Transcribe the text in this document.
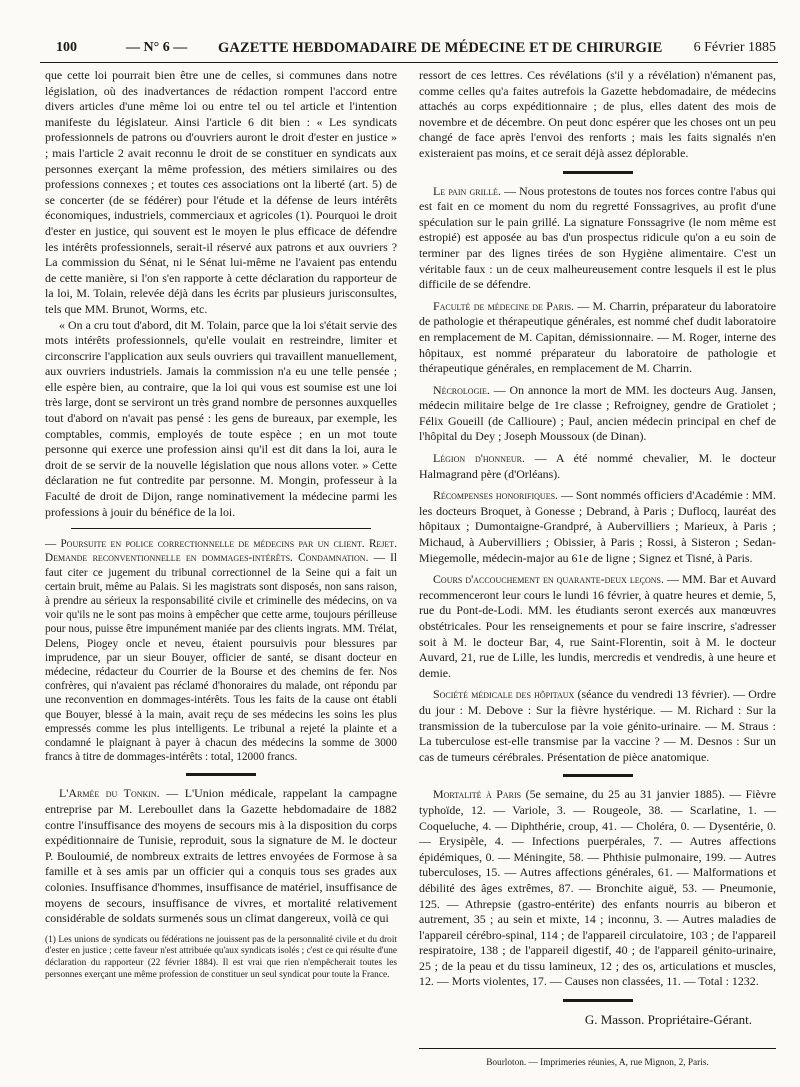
100	— N° 6 — GAZETTE HEBDOMADAIRE DE MÉDECINE ET DE CHIRURGIE 6 Février 1885

que cette loi pourrait bien être une de celles, si communes dans notre législation, où des inadvertances de rédaction rompent l'accord entre divers articles d'une même loi ou entre tel ou tel article et l'intention manifeste du législateur. Ainsi l'article 6 dit bien : « Les syndicats professionnels de patrons ou d'ouvriers auront le droit d'ester en justice » ; mais l'article 2 avait reconnu le droit de se constituer en syndicats aux personnes exerçant la même profession, des métiers similaires ou des professions connexes ; et toutes ces associations ont la liberté (art. 5) de se concerter (de se fédérer) pour l'étude et la défense de leurs intérêts économiques, industriels, commerciaux et agricoles (1). Pourquoi le droit d'ester en justice, qui souvent est le moyen le plus efficace de défendre les intérêts professionnels, serait-il réservé aux patrons et aux ouvriers ? La commission du Sénat, ni le Sénat lui-même ne l'avaient pas entendu de cette manière, si l'on s'en rapporte à cette déclaration du rapporteur de la loi, M. Tolain, relevée déjà dans les écrits par plusieurs jurisconsultes, tels que MM. Brunot, Worms, etc.

« On a cru tout d'abord, dit M. Tolain, parce que la loi s'était servie des mots intérêts professionnels, qu'elle voulait en restreindre, limiter et circonscrire l'application aux seuls ouvriers qui travaillent manuellement, aux ouvriers industriels. Jamais la commission n'a eu une telle pensée ; elle espère bien, au contraire, que la loi qui vous est soumise est une loi très large, dont se serviront un très grand nombre de personnes auxquelles tout d'abord on n'avait pas pensé : les gens de bureaux, par exemple, les comptables, commis, employés de toute espèce ; en un mot toute personne qui exerce une profession ainsi qu'il est dit dans la loi, aura le droit de se servir de la nouvelle législation que nous allons voter. » Cette déclaration ne fut contredite par personne. M. Mongin, professeur à la Faculté de droit de Dijon, range nominativement la médecine parmi les professions à jouir du bénéfice de la loi.

— Poursuite en police correctionnelle de médecins par un client. Rejet. Demande reconventionnelle en dommages-intérêts. Condamnation. — Il faut citer ce jugement du tribunal correctionnel de la Seine qui a fait un certain bruit, même au Palais. Si les magistrats sont disposés, non sans raison, à prendre au sérieux la responsabilité civile et criminelle des médecins, on va voir qu'ils ne le sont pas moins à empêcher que cette arme, toujours périlleuse pour nous, puisse être impunément maniée par des clients ingrats. MM. Trélat, Delens, Piogey oncle et neveu, étaient poursuivis pour blessures par imprudence, par un sieur Bouyer, officier de santé, se disant docteur en médecine, rédacteur du Courrier de la Bourse et des chemins de fer. Nos confrères, qui n'avaient pas réclamé d'honoraires du malade, ont répondu par une reconvention en dommages-intérêts. Tous les faits de la cause ont établi que Bouyer, blessé à la main, avait reçu de ses médecins les soins les plus empressés comme les plus intelligents. Le tribunal a rejeté la plainte et a condamné le plaignant à payer à chacun des médecins la somme de 3000 francs à titre de dommages-intérêts : total, 12000 francs.

L'Armée du Tonkin. — L'Union médicale, rappelant la campagne entreprise par M. Lereboullet dans la Gazette hebdomadaire de 1882 contre l'insuffisance des moyens de secours mis à la disposition du corps expéditionnaire de Tunisie, reproduit, sous la signature de M. le docteur P. Bouloumié, de nombreux extraits de lettres envoyées de Formose à sa famille et à ses amis par un officier qui a conquis tous ses grades aux colonies. Insuffisance d'hommes, insuffisance de matériel, insuffisance de moyens de secours, insuffisance de vivres, et mortalité relativement considérable de soldats surmenés sous un climat dangereux, voilà ce qui

(1) Les unions de syndicats ou fédérations ne jouissent pas de la personnalité civile et du droit d'ester en justice ; cette faveur n'est attribuée qu'aux syndicats isolés ; c'est ce qui résulte d'une déclaration du rapporteur (22 février 1884). Il est vrai que rien n'empêcherait toutes les personnes exerçant une même profession de constituer un seul syndicat pour toute la France.

ressort de ces lettres. Ces révélations (s'il y a révélation) n'émanent pas, comme celles qu'a faites autrefois la Gazette hebdomadaire, de médecins attachés au corps expéditionnaire ; de plus, elles datent des mois de novembre et de décembre. On peut donc espérer que les choses ont un peu changé de face après l'envoi des renforts ; mais les faits signalés n'en existeraient pas moins, et ce serait déjà assez déplorable.

Le pain grillé. — Nous protestons de toutes nos forces contre l'abus qui est fait en ce moment du nom du regretté Fonssagrives, au profit d'une spéculation sur le pain grillé. La signature Fonssagrive (le nom même est estropié) est apposée au bas d'un prospectus ridicule qu'on a eu soin de terminer par des lignes tirées de son Hygiène alimentaire. C'est un véritable faux : un de ceux malheureusement contre lesquels il est le plus difficile de se défendre.

Faculté de médecine de Paris. — M. Charrin, préparateur du laboratoire de pathologie et thérapeutique générales, est nommé chef dudit laboratoire en remplacement de M. Capitan, démissionnaire. — M. Roger, interne des hôpitaux, est nommé préparateur du laboratoire de pathologie et thérapeutique générales, en remplacement de M. Charrin.

Nécrologie. — On annonce la mort de MM. les docteurs Aug. Jansen, médecin militaire belge de 1re classe ; Refroigney, gendre de Gratiolet ; Félix Goueill (de Callioure) ; Paul, ancien médecin principal en chef de l'hôpital du Dey ; Joseph Moussoux (de Dinan).

Légion d'honneur. — A été nommé chevalier, M. le docteur Halmagrand père (d'Orléans).

Récompenses honorifiques. — Sont nommés officiers d'Académie : MM. les docteurs Broquet, à Gonesse ; Debrand, à Paris ; Duflocq, lauréat des hôpitaux ; Dumontaigne-Grandpré, à Aubervilliers ; Marieux, à Paris ; Michaud, à Aubervilliers ; Obissier, à Paris ; Rossi, à Sisteron ; Sedan-Miegemolle, médecin-major au 61e de ligne ; Signez et Tisné, à Paris.

Cours d'accouchement en quarante-deux leçons. — MM. Bar et Auvard recommenceront leur cours le lundi 16 février, à quatre heures et demie, 5, rue du Pont-de-Lodi. MM. les étudiants seront exercés aux manœuvres obstétricales. Pour les renseignements et pour se faire inscrire, s'adresser soit à M. le docteur Bar, 4, rue Saint-Florentin, soit à M. le docteur Auvard, 21, rue de Lille, les lundis, mercredis et vendredis, à une heure et demie.

Société médicale des hôpitaux (séance du vendredi 13 février). — Ordre du jour : M. Debove : Sur la fièvre hystérique. — M. Richard : Sur la transmission de la tuberculose par la voie génito-urinaire. — M. Straus : La tuberculose est-elle transmise par la vaccine ? — M. Desnos : Sur un cas de tumeurs cérébrales. Présentation de pièce anatomique.

Mortalité à Paris (5e semaine, du 25 au 31 janvier 1885). — Fièvre typhoïde, 12. — Variole, 3. — Rougeole, 38. — Scarlatine, 1. — Coqueluche, 4. — Diphthérie, croup, 41. — Choléra, 0. — Dysentérie, 0. — Erysipèle, 4. — Infections puerpérales, 7. — Autres affections épidémiques, 0. — Méningite, 58. — Phthisie pulmonaire, 199. — Autres tuberculoses, 15. — Autres affections générales, 61. — Malformations et débilité des âges extrêmes, 87. — Bronchite aiguë, 53. — Pneumonie, 125. — Athrepsie (gastro-entérite) des enfants nourris au biberon et autrement, 35 ; au sein et mixte, 14 ; inconnu, 3. — Autres maladies de l'appareil cérébro-spinal, 114 ; de l'appareil circulatoire, 103 ; de l'appareil respiratoire, 138 ; de l'appareil digestif, 40 ; de l'appareil génito-urinaire, 25 ; de la peau et du tissu lamineux, 12 ; des os, articulations et muscles, 12. — Morts violentes, 17. — Causes non classées, 11. — Total : 1232.

G. Masson. Propriétaire-Gérant.
Bourloton. — Imprimeries réunies, A, rue Mignon, 2, Paris.
